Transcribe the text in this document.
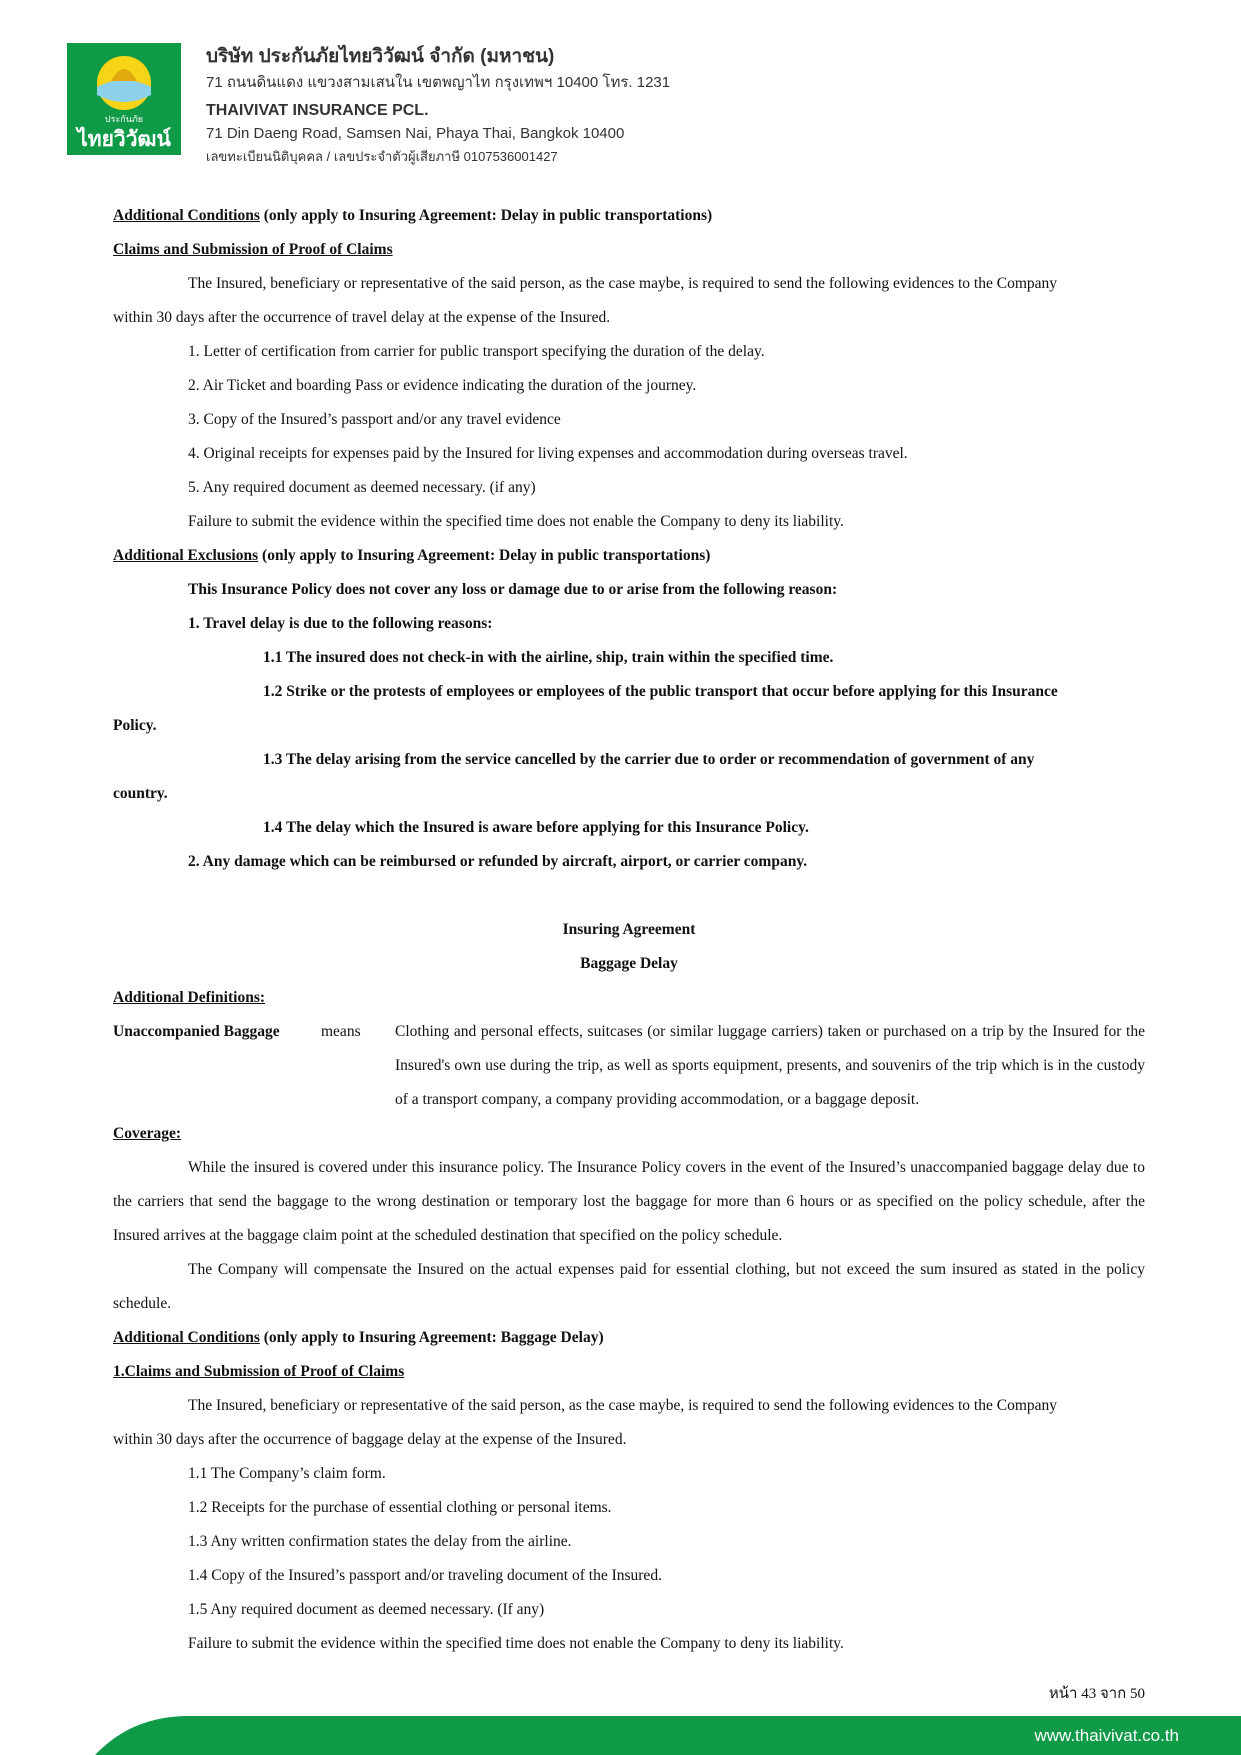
ประกันภัย
ไทยวิวัฒน์
บริษัท ประกันภัยไทยวิวัฒน์ จำกัด (มหาชน)
71 ถนนดินแดง แขวงสามเสนใน เขตพญาไท กรุงเทพฯ 10400 โทร. 1231
THAIVIVAT INSURANCE PCL.
71 Din Daeng Road, Samsen Nai, Phaya Thai, Bangkok 10400
เลขทะเบียนนิติบุคคล / เลขประจำตัวผู้เสียภาษี 0107536001427
Additional Conditions (only apply to Insuring Agreement: Delay in public transportations)
Claims and Submission of Proof of Claims
The Insured, beneficiary or representative of the said person, as the case maybe, is required to send the following evidences to the Company
within 30 days after the occurrence of travel delay at the expense of the Insured.
1. Letter of certification from carrier for public transport specifying the duration of the delay.
2. Air Ticket and boarding Pass or evidence indicating the duration of the journey.
3. Copy of the Insured’s passport and/or any travel evidence
4. Original receipts for expenses paid by the Insured for living expenses and accommodation during overseas travel.
5. Any required document as deemed necessary. (if any)
Failure to submit the evidence within the specified time does not enable the Company to deny its liability.
Additional Exclusions (only apply to Insuring Agreement: Delay in public transportations)
This Insurance Policy does not cover any loss or damage due to or arise from the following reason:
1. Travel delay is due to the following reasons:
1.1 The insured does not check-in with the airline, ship, train within the specified time.
1.2 Strike or the protests of employees or employees of the public transport that occur before applying for this Insurance
Policy.
1.3 The delay arising from the service cancelled by the carrier due to order or recommendation of government of any
country.
1.4 The delay which the Insured is aware before applying for this Insurance Policy.
2. Any damage which can be reimbursed or refunded by aircraft, airport, or carrier company.
Insuring Agreement
Baggage Delay
Additional Definitions:
Unaccompanied Baggage	means Clothing and personal effects, suitcases (or similar luggage carriers) taken or purchased on a trip by the Insured for the Insured's own use during the trip, as well as sports equipment, presents, and souvenirs of the trip which is in the custody of a transport company, a company providing accommodation, or a baggage deposit.
Coverage:
While the insured is covered under this insurance policy. The Insurance Policy covers in the event of the Insured’s unaccompanied baggage delay due to the carriers that send the baggage to the wrong destination or temporary lost the baggage for more than 6 hours or as specified on the policy schedule, after the Insured arrives at the baggage claim point at the scheduled destination that specified on the policy schedule.
The Company will compensate the Insured on the actual expenses paid for essential clothing, but not exceed the sum insured as stated in the policy schedule.
Additional Conditions (only apply to Insuring Agreement: Baggage Delay)
1.Claims and Submission of Proof of Claims
The Insured, beneficiary or representative of the said person, as the case maybe, is required to send the following evidences to the Company
within 30 days after the occurrence of baggage delay at the expense of the Insured.
1.1 The Company’s claim form.
1.2 Receipts for the purchase of essential clothing or personal items.
1.3 Any written confirmation states the delay from the airline.
1.4 Copy of the Insured’s passport and/or traveling document of the Insured.
1.5 Any required document as deemed necessary. (If any)
Failure to submit the evidence within the specified time does not enable the Company to deny its liability.
หน้า 43 จาก 50
www.thaivivat.co.th
